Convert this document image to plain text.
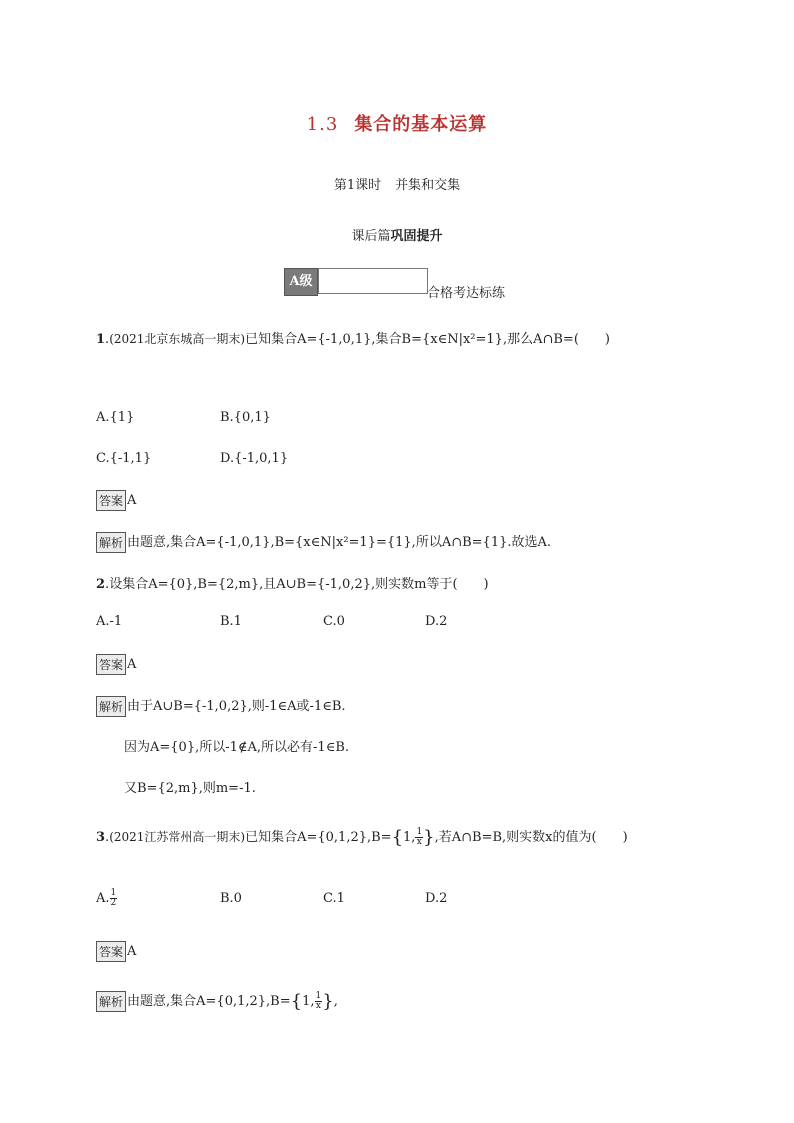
1.3 集合的基本运算
第1课时 并集和交集
课后篇巩固提升
A级
合格考达标练
1.(2021北京东城高一期末)已知集合A={-1,0,1},集合B={x∈N|x²=1},那么A∩B=(　　)
A.{1}	B.{0,1}
C.{-1,1}	D.{-1,0,1}
答案 A
解析 由题意,集合A={-1,0,1},B={x∈N|x²=1}={1},所以A∩B={1}.故选A.
2.设集合A={0},B={2,m},且A∪B={-1,0,2},则实数m等于(　　)
A.-1	B.1	C.0	D.2
答案 A
解析 由于A∪B={-1,0,2},则-1∈A或-1∈B.
因为A={0},所以-1∉A,所以必有-1∈B.
又B={2,m},则m=-1.
3.(2021江苏常州高一期末)已知集合A={0,1,2},B={1, $\frac{1}{x}$ },若A∩B=B,则实数x的值为(　　)
A. $\frac{1}{2}$	B.0	C.1	D.2
答案 A
解析 由题意,集合A={0,1,2},B={1, $\frac{1}{x}$ },
